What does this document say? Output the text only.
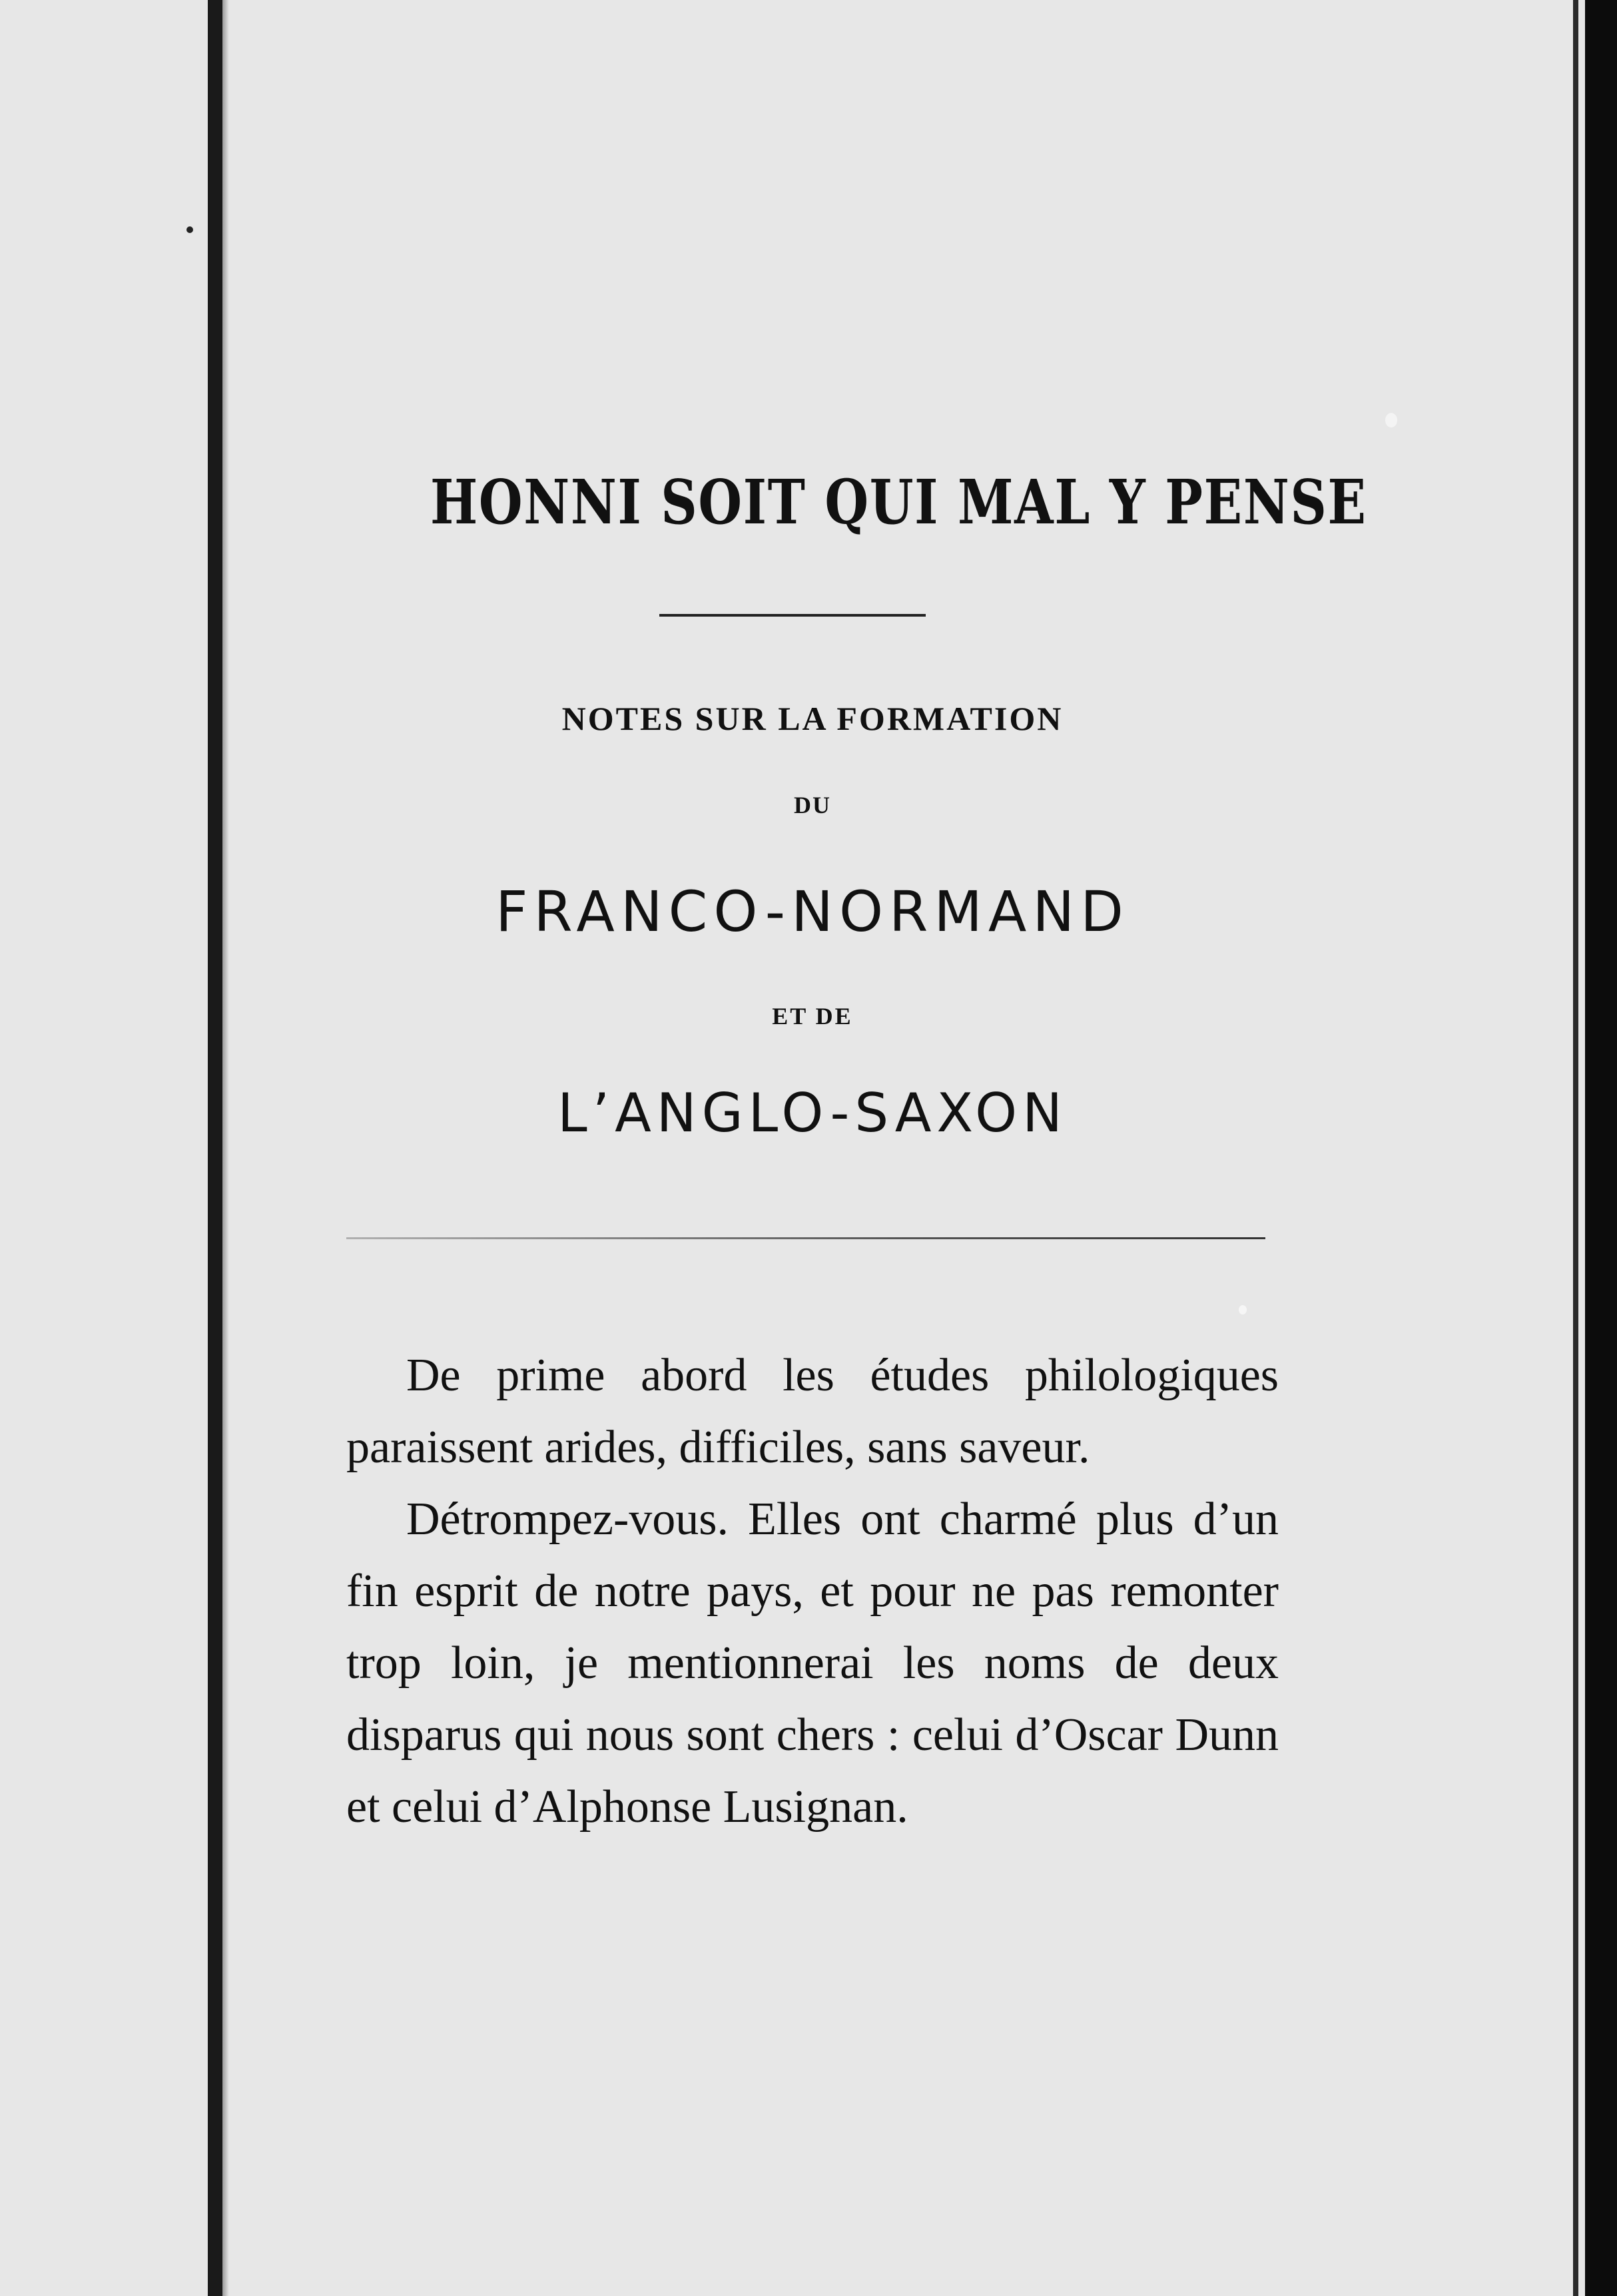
HONNI SOIT QUI MAL Y PENSE
NOTES SUR LA FORMATION
DU
FRANCO-NORMAND
ET DE
L’ANGLO-SAXON

De prime abord les études philologiques paraissent arides, difficiles, sans saveur.

Détrompez-vous. Elles ont charmé plus d’un fin esprit de notre pays, et pour ne pas remonter trop loin, je mentionnerai les noms de deux disparus qui nous sont chers : celui d’Oscar Dunn et celui d’Alphonse Lusignan.
